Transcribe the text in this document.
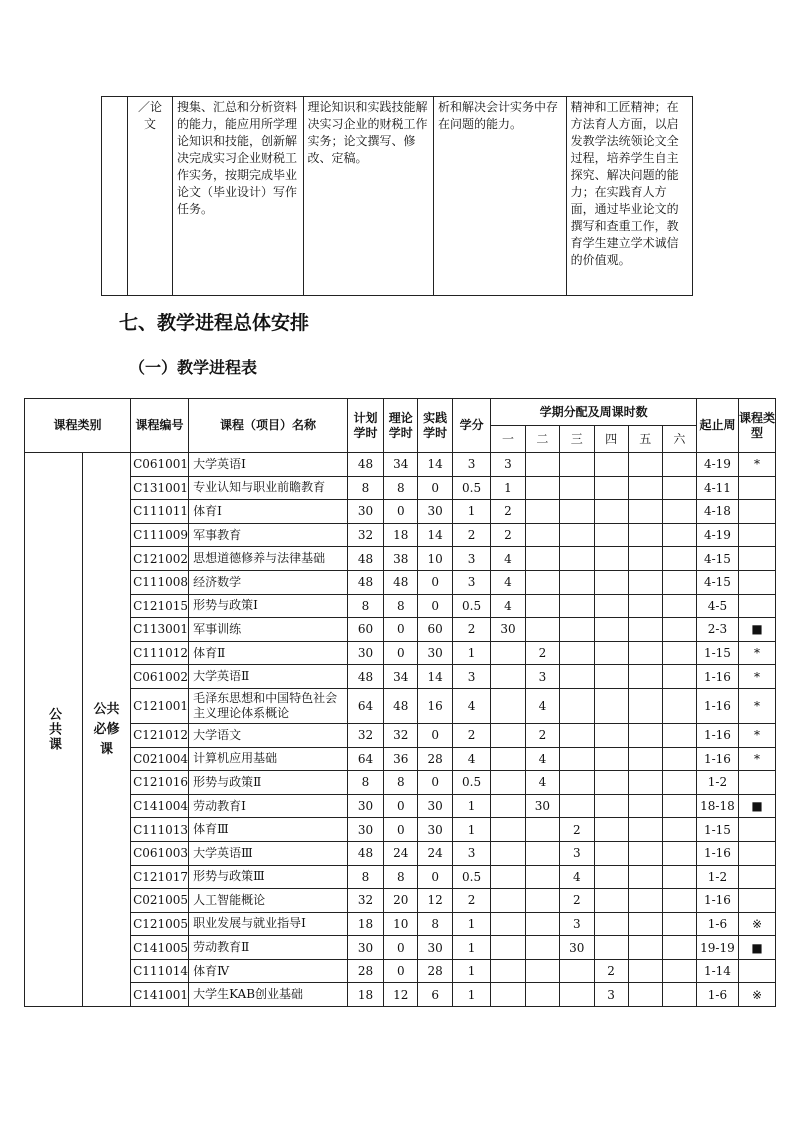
	／论文	搜集、汇总和分析资料的能力，能应用所学理论知识和技能，创新解决完成实习企业财税工作实务，按期完成毕业论文（毕业设计）写作任务。	理论知识和实践技能解决实习企业的财税工作实务；论文撰写、修改、定稿。	析和解决会计实务中存在问题的能力。	精神和工匠精神；在方法育人方面，以启发教学法统领论文全过程，培养学生自主探究、解决问题的能力；在实践育人方面，通过毕业论文的撰写和查重工作，教育学生建立学术诚信的价值观。
七、教学进程总体安排
（一）教学进程表
课程类别		课程编号	课程（项目）名称	计划学时	理论学时	实践学时	学分	学期分配及周课时数						起止周	课程类型
								一	二	三	四	五	六		
公共课	公共必修课	C061001	大学英语Ⅰ	48	34	14	3	3						4-19	*
		C131001	专业认知与职业前瞻教育	8	8	0	0.5	1						4-11	
		C111011	体育Ⅰ	30	0	30	1	2						4-18	
		C111009	军事教育	32	18	14	2	2						4-19	
		C121002	思想道德修养与法律基础	48	38	10	3	4						4-15	
		C111008	经济数学	48	48	0	3	4						4-15	
		C121015	形势与政策Ⅰ	8	8	0	0.5	4						4-5	
		C113001	军事训练	60	0	60	2	30						2-3	■
		C111012	体育Ⅱ	30	0	30	1		2					1-15	*
		C061002	大学英语Ⅱ	48	34	14	3		3					1-16	*
		C121001	毛泽东思想和中国特色社会主义理论体系概论	64	48	16	4		4					1-16	*
		C121012	大学语文	32	32	0	2		2					1-16	*
		C021004	计算机应用基础	64	36	28	4		4					1-16	*
		C121016	形势与政策Ⅱ	8	8	0	0.5		4					1-2	
		C141004	劳动教育Ⅰ	30	0	30	1		30					18-18	■
		C111013	体育Ⅲ	30	0	30	1			2				1-15	
		C061003	大学英语Ⅲ	48	24	24	3			3				1-16	
		C121017	形势与政策Ⅲ	8	8	0	0.5			4				1-2	
		C021005	人工智能概论	32	20	12	2			2				1-16	
		C121005	职业发展与就业指导Ⅰ	18	10	8	1			3				1-6	※
		C141005	劳动教育Ⅱ	30	0	30	1			30				19-19	■
		C111014	体育Ⅳ	28	0	28	1				2			1-14	
		C141001	大学生KAB创业基础	18	12	6	1				3			1-6	※
